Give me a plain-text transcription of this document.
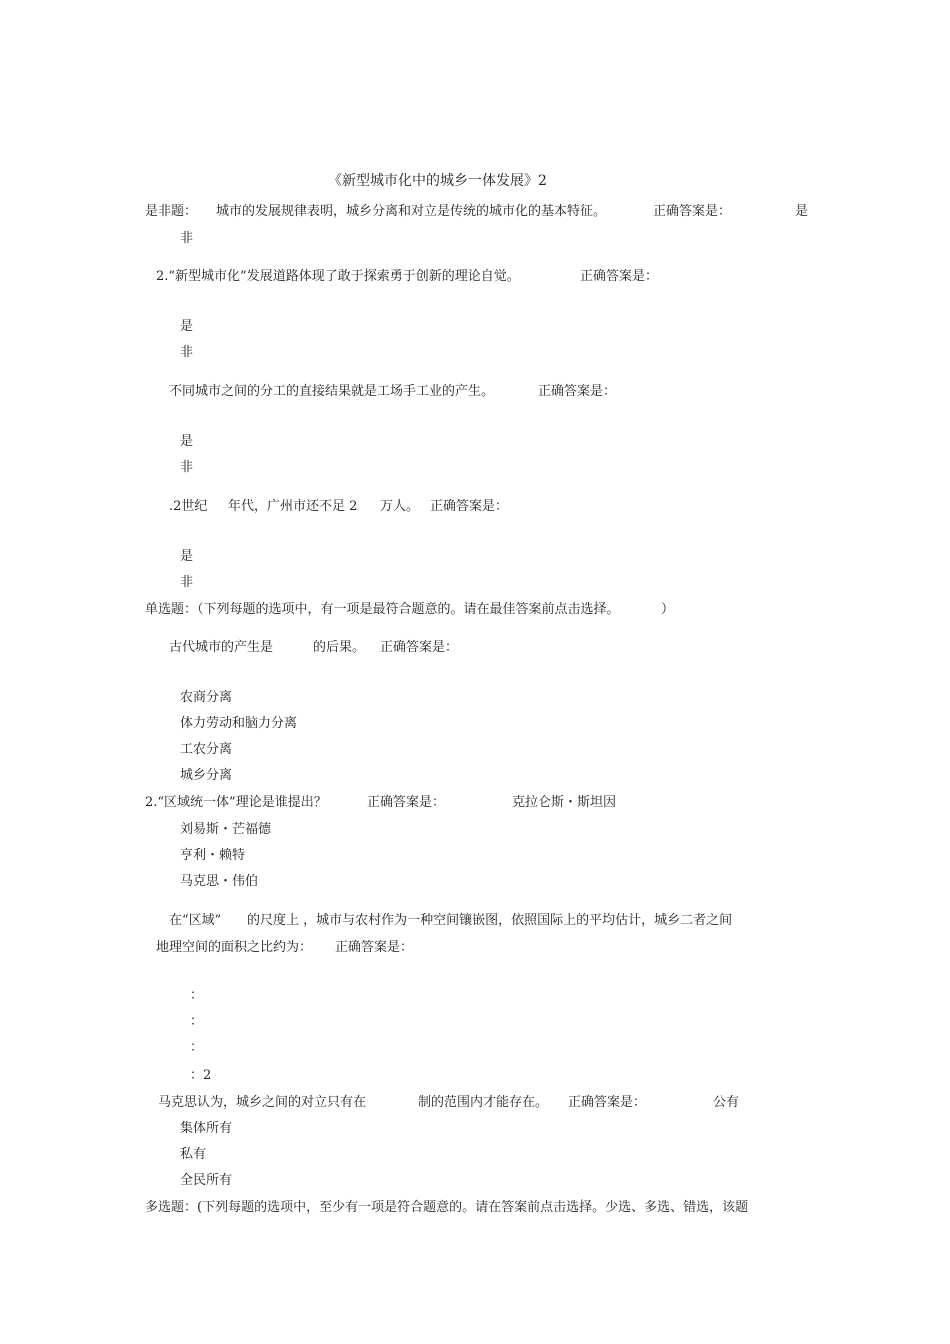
《新型城市化中的城乡一体发展》2
是非题： 城市的发展规律表明，城乡分离和对立是传统的城市化的基本特征。	正确答案是：	是
非
2.“新型城市化”发展道路体现了敢于探索勇于创新的理论自觉。	正确答案是：
是
非
不同城市之间的分工的直接结果就是工场手工业的产生。	正确答案是：
是
非
.2世纪 年代，广州市还不足 2 万人。 正确答案是：
是
非
单选题：（下列每题的选项中，有一项是最符合题意的。请在最佳答案前点击选择。	）
古代城市的产生是	的后果。 正确答案是：
农商分离
体力劳动和脑力分离
工农分离
城乡分离
2.“区域统一体”理论是谁提出？	正确答案是：	克拉仑斯・斯坦因
刘易斯・芒福德
亨利・赖特
马克思・伟伯
在“区域” 的尺度上 ，城市与农村作为一种空间镶嵌图，依照国际上的平均估计，城乡二者之间
地理空间的面积之比约为： 正确答案是：
：
：
：
：2
马克思认为，城乡之间的对立只有在	制的范围内才能存在。 正确答案是：	公有
集体所有
私有
全民所有
多选题：(下列每题的选项中，至少有一项是符合题意的。请在答案前点击选择。少选、多选、错选，该题
